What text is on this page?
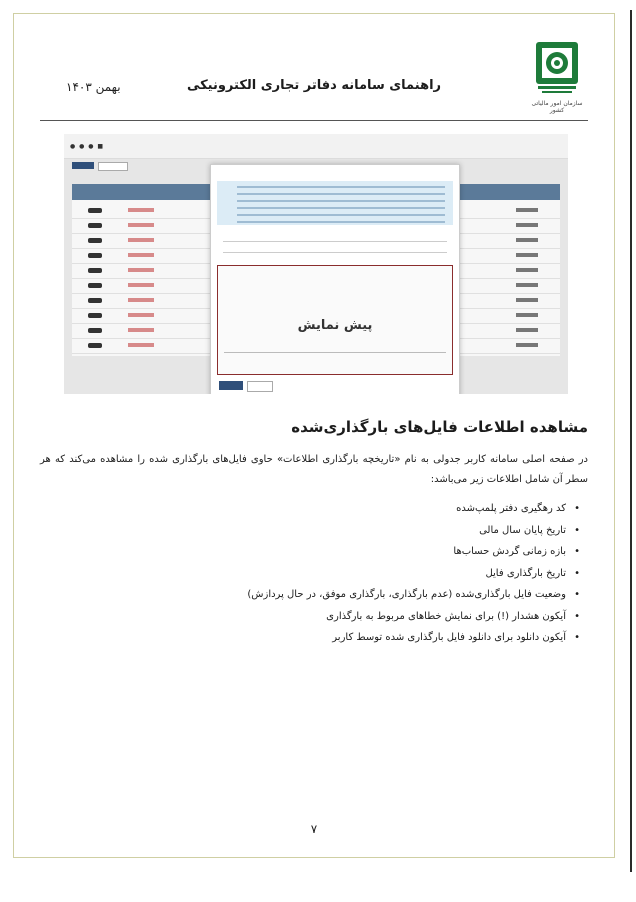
سازمان امور مالیاتی کشور
راهنمای سامانه دفاتر تجاری الکترونیکی
بهمن ۱۴۰۳
● ● ● ■
پیش نمایش
مشاهده اطلاعات فایل‌های بارگذاری‌شده
در صفحه اصلی سامانه کاربر جدولی به نام «تاریخچه بارگذاری اطلاعات» حاوی فایل‌های بارگذاری شده را مشاهده می‌کند که هر سطر آن شامل اطلاعات زیر می‌باشد:
• کد رهگیری دفتر پلمپ‌شده
• تاریخ پایان سال مالی
• بازه زمانی گردش حساب‌ها
• تاریخ بارگذاری فایل
• وضعیت فایل بارگذاری‌شده (عدم بارگذاری، بارگذاری موفق، در حال پردازش)
• آیکون هشدار (!) برای نمایش خطاهای مربوط به بارگذاری
• آیکون دانلود برای دانلود فایل بارگذاری شده توسط کاربر
۷
